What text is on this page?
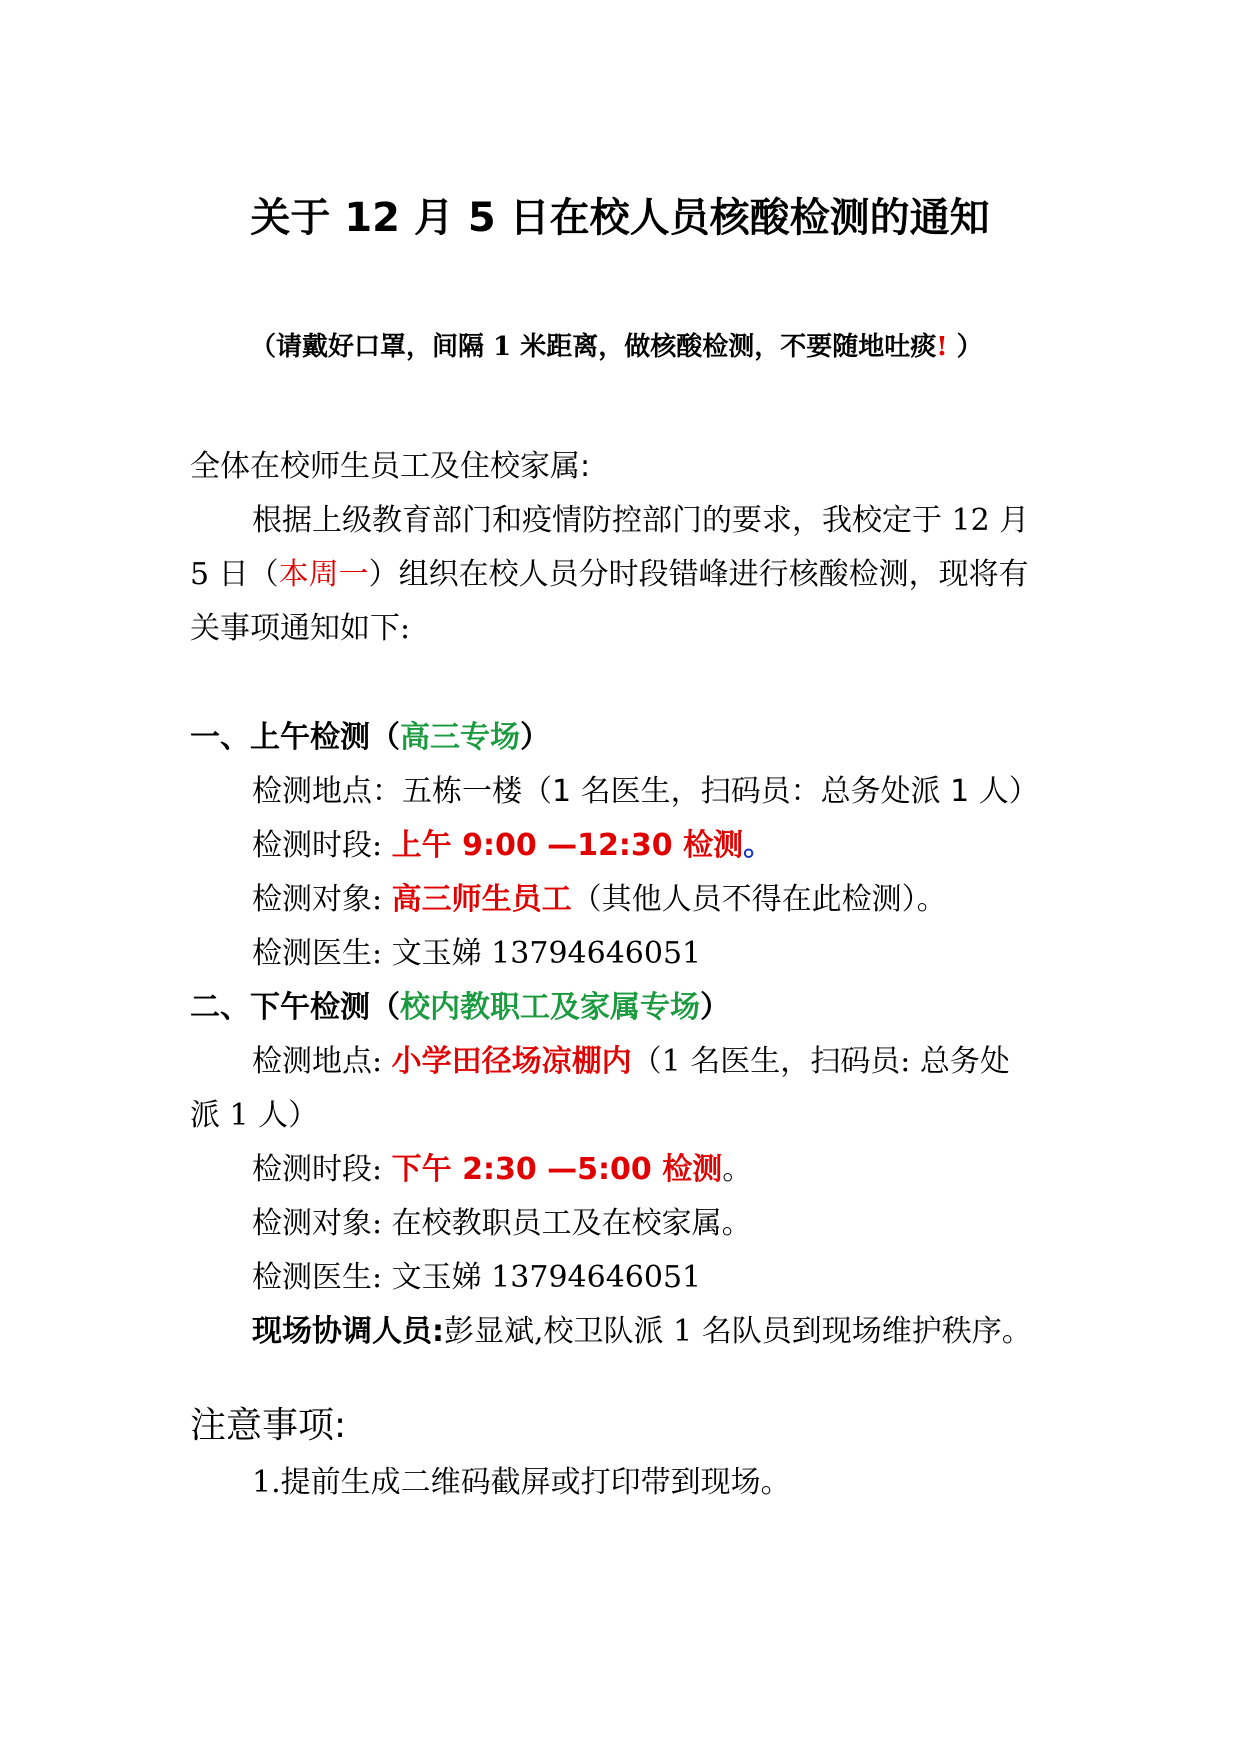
关于 12 月 5 日在校人员核酸检测的通知
（请戴好口罩，间隔 1 米距离，做核酸检测，不要随地吐痰! ）
全体在校师生员工及住校家属:
根据上级教育部门和疫情防控部门的要求，我校定于 12 月
5 日（本周一）组织在校人员分时段错峰进行核酸检测，现将有
关事项通知如下:
一、上午检测（高三专场）
检测地点：五栋一楼（1 名医生，扫码员：总务处派 1 人）
检测时段: 上午 9:00 —12:30 检测。
检测对象: 高三师生员工（其他人员不得在此检测）。
检测医生: 文玉娣 13794646051
二、下午检测（校内教职工及家属专场）
检测地点: 小学田径场凉棚内（1 名医生，扫码员: 总务处
派 1 人）
检测时段: 下午 2:30 —5:00 检测。
检测对象: 在校教职员工及在校家属。
检测医生: 文玉娣 13794646051
现场协调人员:彭显斌,校卫队派 1 名队员到现场维护秩序。
注意事项:
1.提前生成二维码截屏或打印带到现场。
